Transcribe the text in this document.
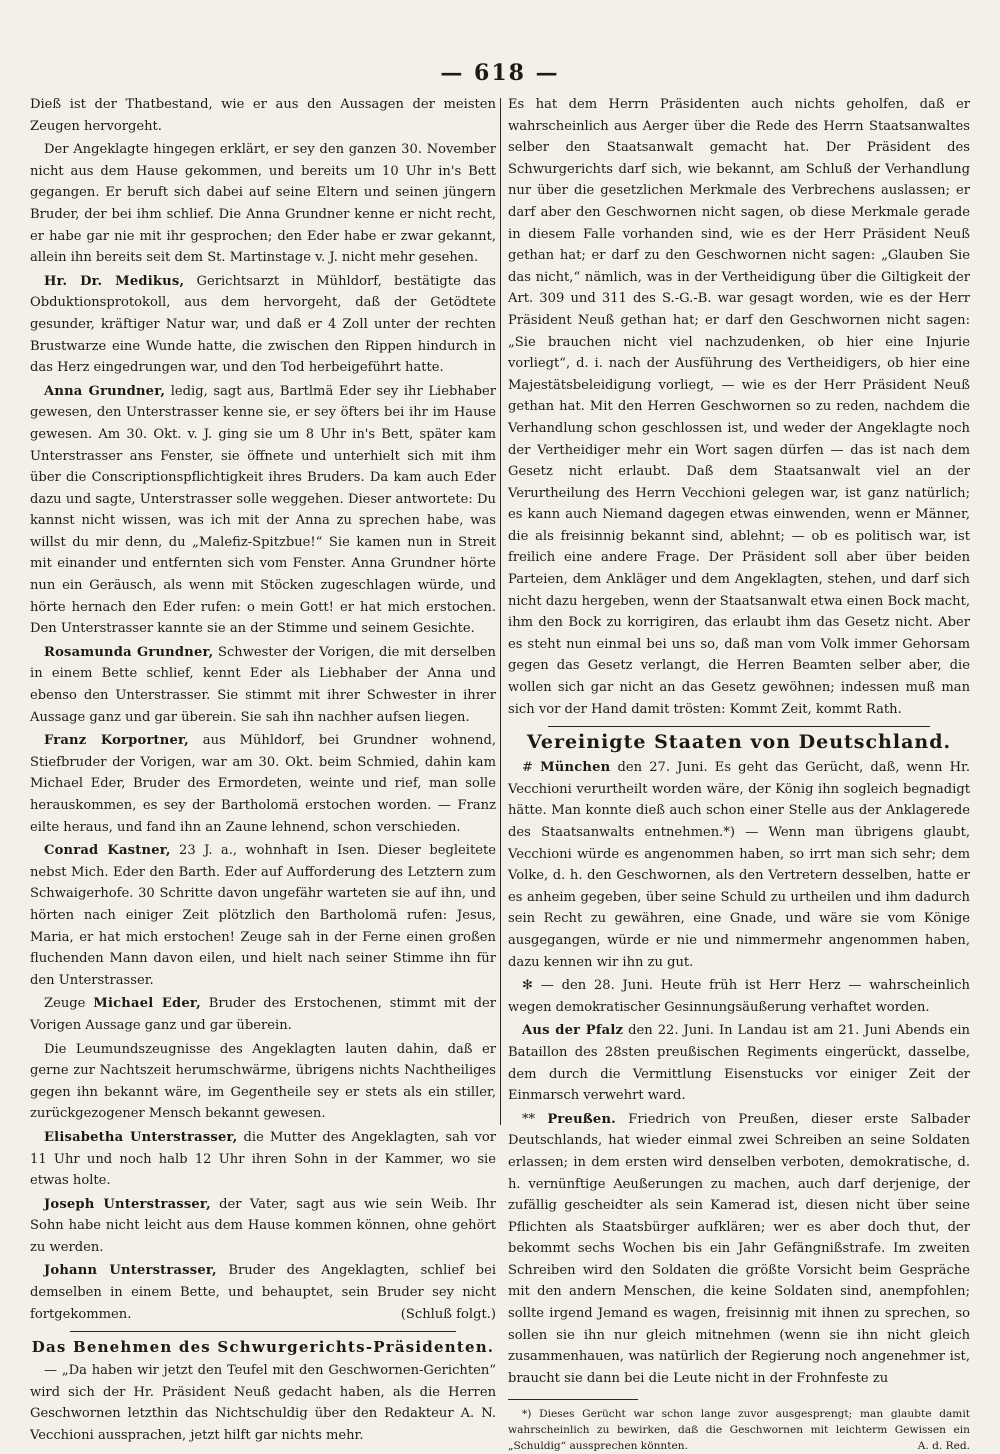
— 618 —

Dieß ist der Thatbestand, wie er aus den Aussagen der meisten Zeugen hervorgeht.

Der Angeklagte hingegen erklärt, er sey den ganzen 30. November nicht aus dem Hause gekommen, und bereits um 10 Uhr in's Bett gegangen. Er beruft sich dabei auf seine Eltern und seinen jüngern Bruder, der bei ihm schlief. Die Anna Grundner kenne er nicht recht, er habe gar nie mit ihr gesprochen; den Eder habe er zwar gekannt, allein ihn bereits seit dem St. Martinstage v. J. nicht mehr gesehen.

Hr. Dr. Medikus, Gerichtsarzt in Mühldorf, bestätigte das Obduktionsprotokoll, aus dem hervorgeht, daß der Getödtete gesunder, kräftiger Natur war, und daß er 4 Zoll unter der rechten Brustwarze eine Wunde hatte, die zwischen den Rippen hindurch in das Herz eingedrungen war, und den Tod herbeigeführt hatte.

Anna Grundner, ledig, sagt aus, Bartlmä Eder sey ihr Liebhaber gewesen, den Unterstrasser kenne sie, er sey öfters bei ihr im Hause gewesen. Am 30. Okt. v. J. ging sie um 8 Uhr in's Bett, später kam Unterstrasser ans Fenster, sie öffnete und unterhielt sich mit ihm über die Conscriptionspflichtigkeit ihres Bruders. Da kam auch Eder dazu und sagte, Unterstrasser solle weggehen. Dieser antwortete: Du kannst nicht wissen, was ich mit der Anna zu sprechen habe, was willst du mir denn, du „Malefiz-Spitzbue!“ Sie kamen nun in Streit mit einander und entfernten sich vom Fenster. Anna Grundner hörte nun ein Geräusch, als wenn mit Stöcken zugeschlagen würde, und hörte hernach den Eder rufen: o mein Gott! er hat mich erstochen. Den Unterstrasser kannte sie an der Stimme und seinem Gesichte.

Rosamunda Grundner, Schwester der Vorigen, die mit derselben in einem Bette schlief, kennt Eder als Liebhaber der Anna und ebenso den Unterstrasser. Sie stimmt mit ihrer Schwester in ihrer Aussage ganz und gar überein. Sie sah ihn nachher aufsen liegen.

Franz Korportner, aus Mühldorf, bei Grundner wohnend, Stiefbruder der Vorigen, war am 30. Okt. beim Schmied, dahin kam Michael Eder, Bruder des Ermordeten, weinte und rief, man solle herauskommen, es sey der Bartholomä erstochen worden. — Franz eilte heraus, und fand ihn an Zaune lehnend, schon verschieden.

Conrad Kastner, 23 J. a., wohnhaft in Isen. Dieser begleitete nebst Mich. Eder den Barth. Eder auf Aufforderung des Letztern zum Schwaigerhofe. 30 Schritte davon ungefähr warteten sie auf ihn, und hörten nach einiger Zeit plötzlich den Bartholomä rufen: Jesus, Maria, er hat mich erstochen! Zeuge sah in der Ferne einen großen fluchenden Mann davon eilen, und hielt nach seiner Stimme ihn für den Unterstrasser.

Zeuge Michael Eder, Bruder des Erstochenen, stimmt mit der Vorigen Aussage ganz und gar überein.

Die Leumundszeugnisse des Angeklagten lauten dahin, daß er gerne zur Nachtszeit herumschwärme, übrigens nichts Nachtheiliges gegen ihn bekannt wäre, im Gegentheile sey er stets als ein stiller, zurückgezogener Mensch bekannt gewesen.

Elisabetha Unterstrasser, die Mutter des Angeklagten, sah vor 11 Uhr und noch halb 12 Uhr ihren Sohn in der Kammer, wo sie etwas holte.

Joseph Unterstrasser, der Vater, sagt aus wie sein Weib. Ihr Sohn habe nicht leicht aus dem Hause kommen können, ohne gehört zu werden.

Johann Unterstrasser, Bruder des Angeklagten, schlief bei demselben in einem Bette, und behauptet, sein Bruder sey nicht fortgekommen.	(Schluß folgt.)

Das Benehmen des Schwurgerichts-Präsidenten.

— „Da haben wir jetzt den Teufel mit den Geschwornen-Gerichten“ wird sich der Hr. Präsident Neuß gedacht haben, als die Herren Geschwornen letzthin das Nichtschuldig über den Redakteur A. N. Vecchioni aussprachen, jetzt hilft gar nichts mehr.

Es hat dem Herrn Präsidenten auch nichts geholfen, daß er wahrscheinlich aus Aerger über die Rede des Herrn Staatsanwaltes selber den Staatsanwalt gemacht hat. Der Präsident des Schwurgerichts darf sich, wie bekannt, am Schluß der Verhandlung nur über die gesetzlichen Merkmale des Verbrechens auslassen; er darf aber den Geschwornen nicht sagen, ob diese Merkmale gerade in diesem Falle vorhanden sind, wie es der Herr Präsident Neuß gethan hat; er darf zu den Geschwornen nicht sagen: „Glauben Sie das nicht,“ nämlich, was in der Vertheidigung über die Giltigkeit der Art. 309 und 311 des S.-G.-B. war gesagt worden, wie es der Herr Präsident Neuß gethan hat; er darf den Geschwornen nicht sagen: „Sie brauchen nicht viel nachzudenken, ob hier eine Injurie vorliegt“, d. i. nach der Ausführung des Vertheidigers, ob hier eine Majestätsbeleidigung vorliegt, — wie es der Herr Präsident Neuß gethan hat. Mit den Herren Geschwornen so zu reden, nachdem die Verhandlung schon geschlossen ist, und weder der Angeklagte noch der Vertheidiger mehr ein Wort sagen dürfen — das ist nach dem Gesetz nicht erlaubt. Daß dem Staatsanwalt viel an der Verurtheilung des Herrn Vecchioni gelegen war, ist ganz natürlich; es kann auch Niemand dagegen etwas einwenden, wenn er Männer, die als freisinnig bekannt sind, ablehnt; — ob es politisch war, ist freilich eine andere Frage. Der Präsident soll aber über beiden Parteien, dem Ankläger und dem Angeklagten, stehen, und darf sich nicht dazu hergeben, wenn der Staatsanwalt etwa einen Bock macht, ihm den Bock zu korrigiren, das erlaubt ihm das Gesetz nicht. Aber es steht nun einmal bei uns so, daß man vom Volk immer Gehorsam gegen das Gesetz verlangt, die Herren Beamten selber aber, die wollen sich gar nicht an das Gesetz gewöhnen; indessen muß man sich vor der Hand damit trösten: Kommt Zeit, kommt Rath.

Vereinigte Staaten von Deutschland.

# München den 27. Juni. Es geht das Gerücht, daß, wenn Hr. Vecchioni verurtheilt worden wäre, der König ihn sogleich begnadigt hätte. Man konnte dieß auch schon einer Stelle aus der Anklagerede des Staatsanwalts entnehmen.*) — Wenn man übrigens glaubt, Vecchioni würde es angenommen haben, so irrt man sich sehr; dem Volke, d. h. den Geschwornen, als den Vertretern desselben, hatte er es anheim gegeben, über seine Schuld zu urtheilen und ihm dadurch sein Recht zu gewähren, eine Gnade, und wäre sie vom Könige ausgegangen, würde er nie und nimmermehr angenommen haben, dazu kennen wir ihn zu gut.

✻ — den 28. Juni. Heute früh ist Herr Herz — wahrscheinlich wegen demokratischer Gesinnungsäußerung verhaftet worden.

Aus der Pfalz den 22. Juni. In Landau ist am 21. Juni Abends ein Bataillon des 28sten preußischen Regiments eingerückt, dasselbe, dem durch die Vermittlung Eisenstucks vor einiger Zeit der Einmarsch verwehrt ward.

** Preußen. Friedrich von Preußen, dieser erste Salbader Deutschlands, hat wieder einmal zwei Schreiben an seine Soldaten erlassen; in dem ersten wird denselben verboten, demokratische, d. h. vernünftige Aeußerungen zu machen, auch darf derjenige, der zufällig gescheidter als sein Kamerad ist, diesen nicht über seine Pflichten als Staatsbürger aufklären; wer es aber doch thut, der bekommt sechs Wochen bis ein Jahr Gefängnißstrafe. Im zweiten Schreiben wird den Soldaten die größte Vorsicht beim Gespräche mit den andern Menschen, die keine Soldaten sind, anempfohlen; sollte irgend Jemand es wagen, freisinnig mit ihnen zu sprechen, so sollen sie ihn nur gleich mitnehmen (wenn sie ihn nicht gleich zusammenhauen, was natürlich der Regierung noch angenehmer ist, braucht sie dann bei die Leute nicht in der Frohnfeste zu

*) Dieses Gerücht war schon lange zuvor ausgesprengt; man glaubte damit wahrscheinlich zu bewirken, daß die Geschwornen mit leichterm Gewissen ein „Schuldig“ aussprechen könnten.	A. d. Red.
